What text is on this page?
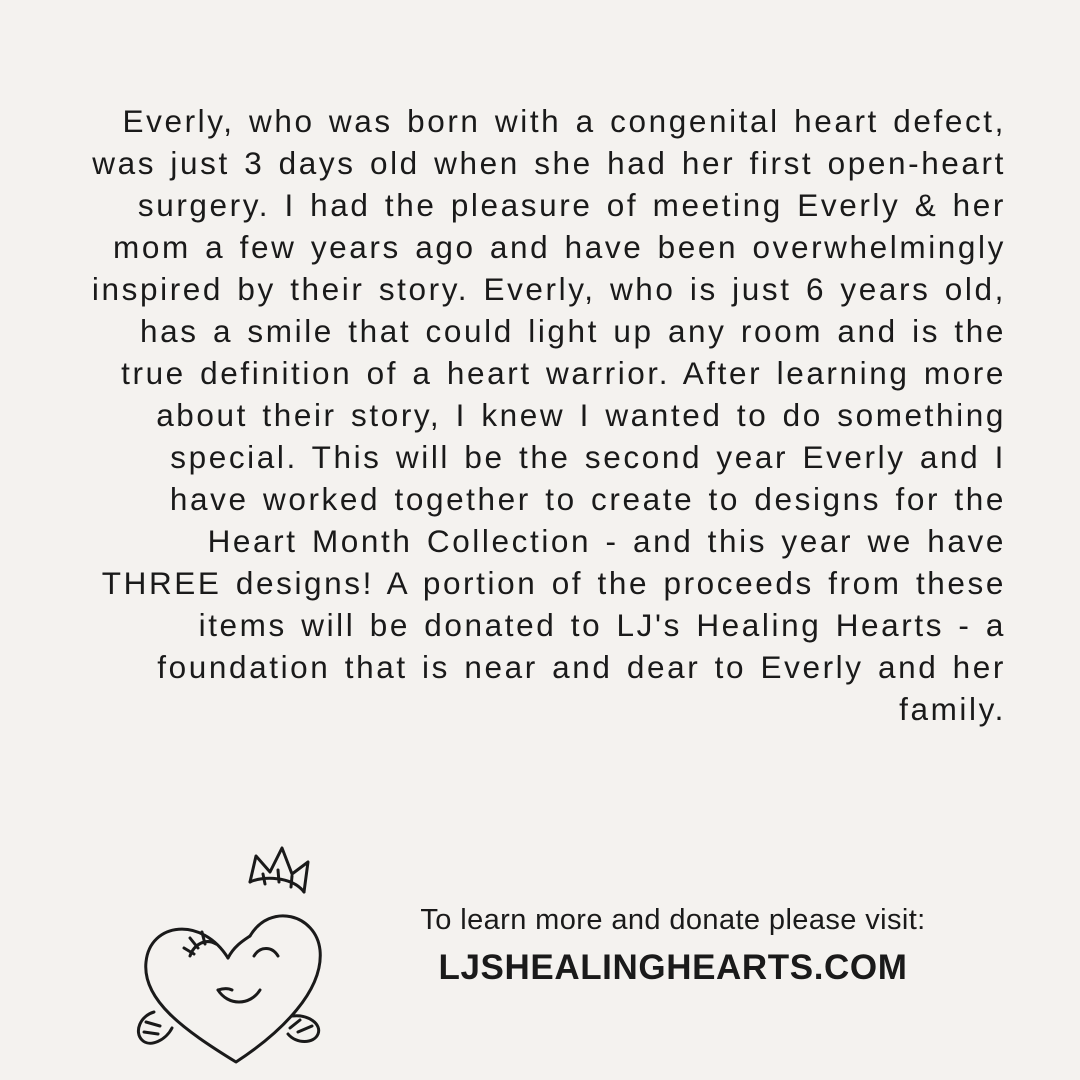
Everly, who was born with a congenital heart defect, was just 3 days old when she had her first open-heart surgery. I had the pleasure of meeting Everly & her mom a few years ago and have been overwhelmingly inspired by their story. Everly, who is just 6 years old, has a smile that could light up any room and is the true definition of a heart warrior. After learning more about their story, I knew I wanted to do something special. This will be the second year Everly and I have worked together to create to designs for the Heart Month Collection - and this year we have THREE designs! A portion of the proceeds from these items will be donated to LJ's Healing Hearts - a foundation that is near and dear to Everly and her family.
To learn more and donate please visit:
LJSHEALINGHEARTS.COM
